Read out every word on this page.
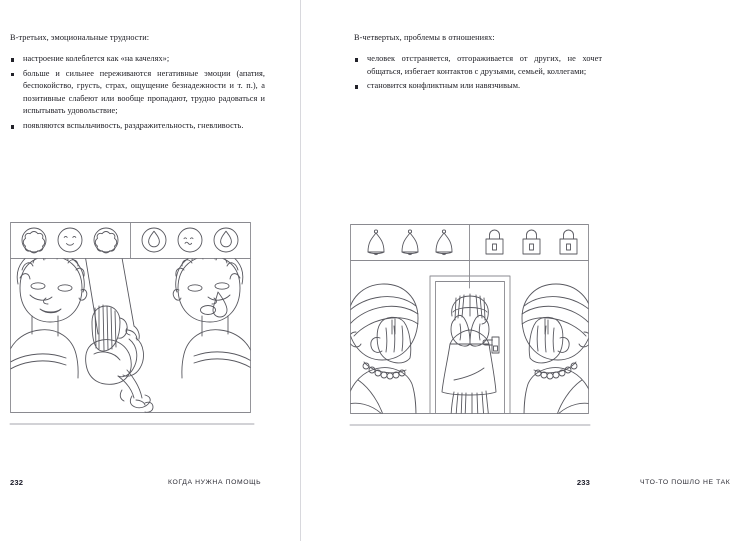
В-третьих, эмоциональные трудности:

настроение колеблется как «на качелях»;
больше и сильнее переживаются негативные эмоции (апатия, беспокойство, грусть, страх, ощущение безнадежности и т. п.), а позитивные слабеют или вообще пропадают, трудно радоваться и испытывать удовольствие;
появляются вспыльчивость, раздражительность, гневливость.
232	КОГДА НУЖНА ПОМОЩЬ

В-четвертых, проблемы в отношениях:

человек отстраняется, отгораживается от других, не хочет общаться, избегает контактов с друзьями, семьей, коллегами;
становится конфликтным или навязчивым.
ЧТО-ТО ПОШЛО НЕ ТАК
233
